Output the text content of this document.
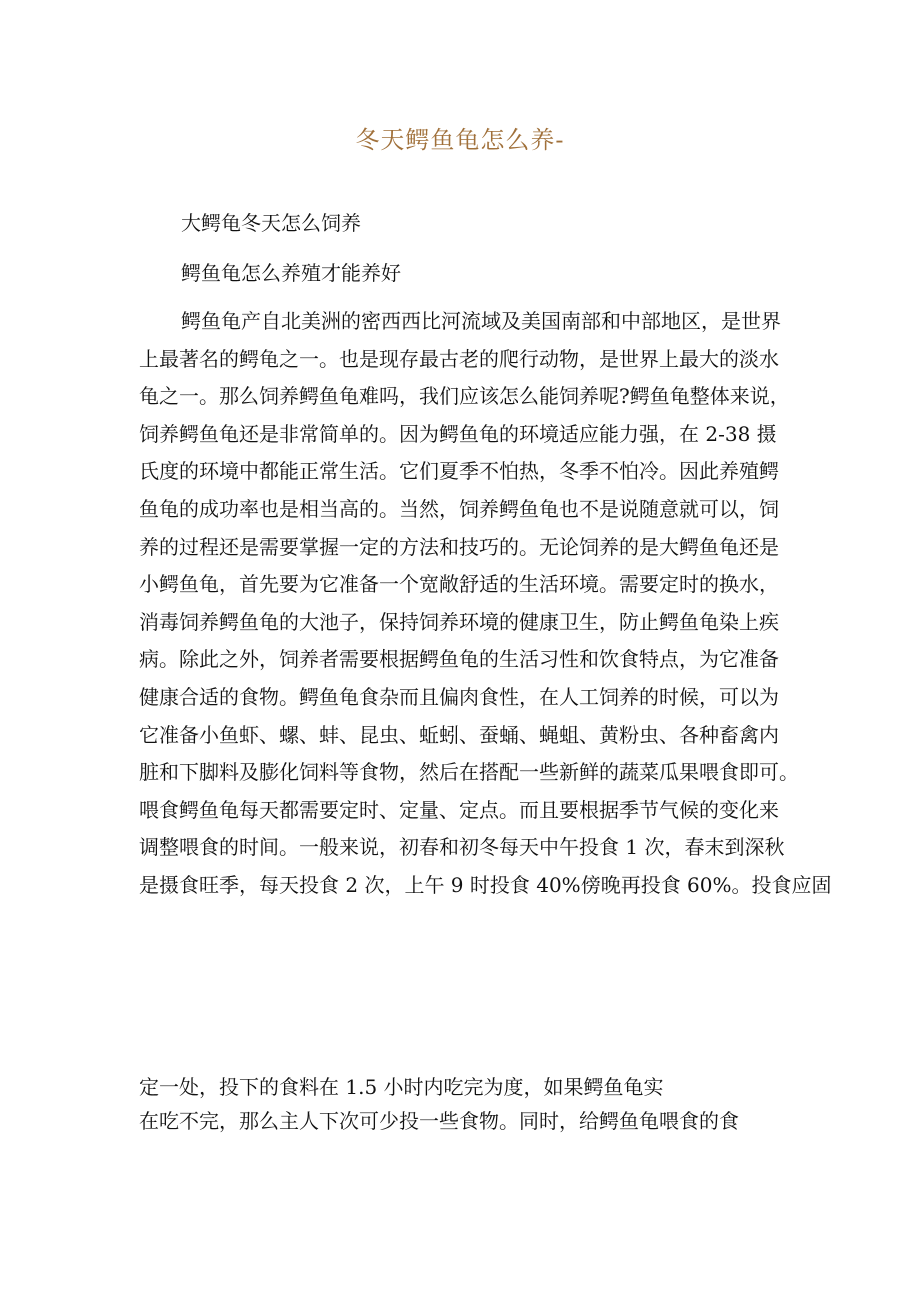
冬天鳄鱼龟怎么养-

大鳄龟冬天怎么饲养

鳄鱼龟怎么养殖才能养好

鳄鱼龟产自北美洲的密西西比河流域及美国南部和中部地区，是世界
上最著名的鳄龟之一。也是现存最古老的爬行动物，是世界上最大的淡水
龟之一。那么饲养鳄鱼龟难吗，我们应该怎么能饲养呢?鳄鱼龟整体来说，
饲养鳄鱼龟还是非常简单的。因为鳄鱼龟的环境适应能力强，在 2-38 摄
氏度的环境中都能正常生活。它们夏季不怕热，冬季不怕冷。因此养殖鳄
鱼龟的成功率也是相当高的。当然，饲养鳄鱼龟也不是说随意就可以，饲
养的过程还是需要掌握一定的方法和技巧的。无论饲养的是大鳄鱼龟还是
小鳄鱼龟，首先要为它准备一个宽敞舒适的生活环境。需要定时的换水，
消毒饲养鳄鱼龟的大池子，保持饲养环境的健康卫生，防止鳄鱼龟染上疾
病。除此之外，饲养者需要根据鳄鱼龟的生活习性和饮食特点，为它准备
健康合适的食物。鳄鱼龟食杂而且偏肉食性，在人工饲养的时候，可以为
它准备小鱼虾、螺、蚌、昆虫、蚯蚓、蚕蛹、蝇蛆、黄粉虫、各种畜禽内
脏和下脚料及膨化饲料等食物，然后在搭配一些新鲜的蔬菜瓜果喂食即可。
喂食鳄鱼龟每天都需要定时、定量、定点。而且要根据季节气候的变化来
调整喂食的时间。一般来说，初春和初冬每天中午投食 1 次，春末到深秋
是摄食旺季，每天投食 2 次，上午 9 时投食 40%傍晚再投食 60%。投食应固
定一处，投下的食料在 1.5 小时内吃完为度，如果鳄鱼龟实
在吃不完，那么主人下次可少投一些食物。同时，给鳄鱼龟喂食的食
